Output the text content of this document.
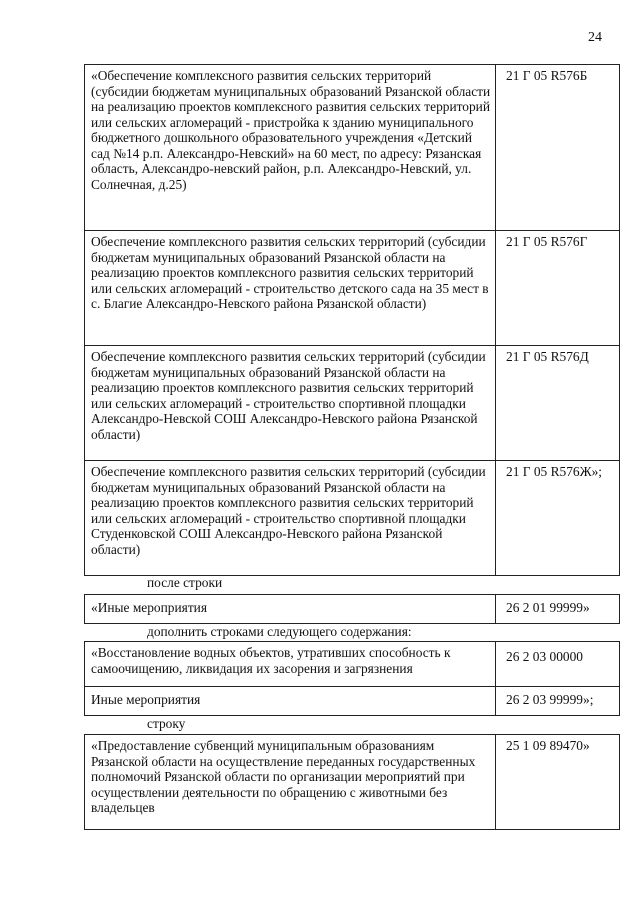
24
«Обеспечение комплексного развития сельских территорий (субсидии бюджетам муниципальных образований Рязанской области на реализацию проектов комплексного развития сельских территорий или сельских агломераций - пристройка к зданию муниципального бюджетного дошкольного образовательного учреждения «Детский сад №14 р.п. Александро-Невский» на 60 мест, по адресу: Рязанская область, Александро-невский район, р.п. Александро-Невский, ул. Солнечная, д.25)
21 Г 05 R576Б
Обеспечение комплексного развития сельских территорий (субсидии бюджетам муниципальных образований Рязанской области на реализацию проектов комплексного развития сельских территорий или сельских агломераций - строительство детского сада на 35 мест в с. Благие Александро-Невского района Рязанской области)
21 Г 05 R576Г
Обеспечение комплексного развития сельских территорий (субсидии бюджетам муниципальных образований Рязанской области на реализацию проектов комплексного развития сельских территорий или сельских агломераций - строительство спортивной площадки Александро-Невской СОШ Александро-Невского района Рязанской области)
21 Г 05 R576Д
Обеспечение комплексного развития сельских территорий (субсидии бюджетам муниципальных образований Рязанской области на реализацию проектов комплексного развития сельских территорий или сельских агломераций - строительство спортивной площадки Студенковской СОШ Александро-Невского района Рязанской области)
21 Г 05 R576Ж»;
после строки
«Иные мероприятия	26 2 01 99999»
дополнить строками следующего содержания:
«Восстановление водных объектов, утративших способность к самоочищению, ликвидация их засорения и загрязнения
26 2 03 00000
Иные мероприятия	26 2 03 99999»;
строку
«Предоставление субвенций муниципальным образованиям Рязанской области на осуществление переданных государственных полномочий Рязанской области по организации мероприятий при осуществлении деятельности по обращению с животными без владельцев
25 1 09 89470»
